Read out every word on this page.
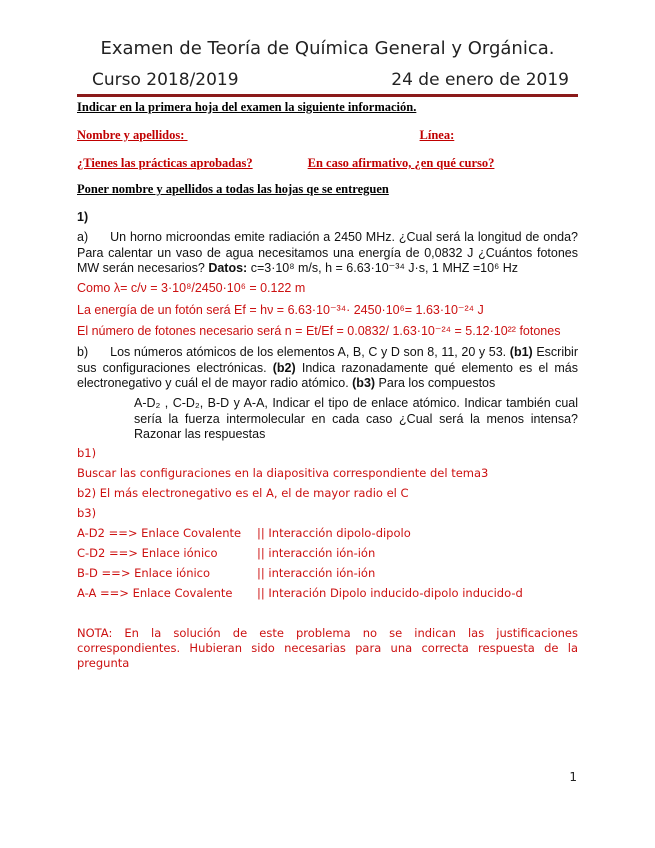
Examen de Teoría de Química General y Orgánica.
Curso 2018/2019	24 de enero de 2019
Indicar en la primera hoja del examen la siguiente información.
Nombre y apellidos:	Línea:
¿Tienes las prácticas aprobadas?	En caso afirmativo, ¿en qué curso?
Poner nombre y apellidos a todas las hojas qe se entreguen
1)
a) Un horno microondas emite radiación a 2450 MHz. ¿Cual será la longitud de onda? Para calentar un vaso de agua necesitamos una energía de 0,0832 J ¿Cuántos fotones MW serán necesarios? Datos: c=3·10⁸ m/s, h = 6.63·10⁻³⁴ J·s, 1 MHZ =10⁶ Hz
Como λ= c/ν = 3·10⁸/2450·10⁶ = 0.122 m
La energía de un fotón será Ef = hν = 6.63·10⁻³⁴· 2450·10⁶= 1.63·10⁻²⁴ J
El número de fotones necesario será n = Et/Ef = 0.0832/ 1.63·10⁻²⁴ = 5.12·10²² fotones
b) Los números atómicos de los elementos A, B, C y D son 8, 11, 20 y 53. (b1) Escribir sus configuraciones electrónicas. (b2) Indica razonadamente qué elemento es el más electronegativo y cuál el de mayor radio atómico. (b3) Para los compuestos
A-D₂ , C-D₂, B-D y A-A, Indicar el tipo de enlace atómico. Indicar también cual sería la fuerza intermolecular en cada caso ¿Cual será la menos intensa? Razonar las respuestas
b1)
Buscar las configuraciones en la diapositiva correspondiente del tema3
b2) El más electronegativo es el A, el de mayor radio el C
b3)
A-D2 ==> Enlace Covalente || Interacción dipolo-dipolo
C-D2 ==> Enlace iónico	|| interacción ión-ión
B-D ==> Enlace iónico	|| interacción ión-ión
A-A ==> Enlace Covalente || Interación Dipolo inducido-dipolo inducido-d
NOTA: En la solución de este problema no se indican las justificaciones correspondientes. Hubieran sido necesarias para una correcta respuesta de la pregunta
1
